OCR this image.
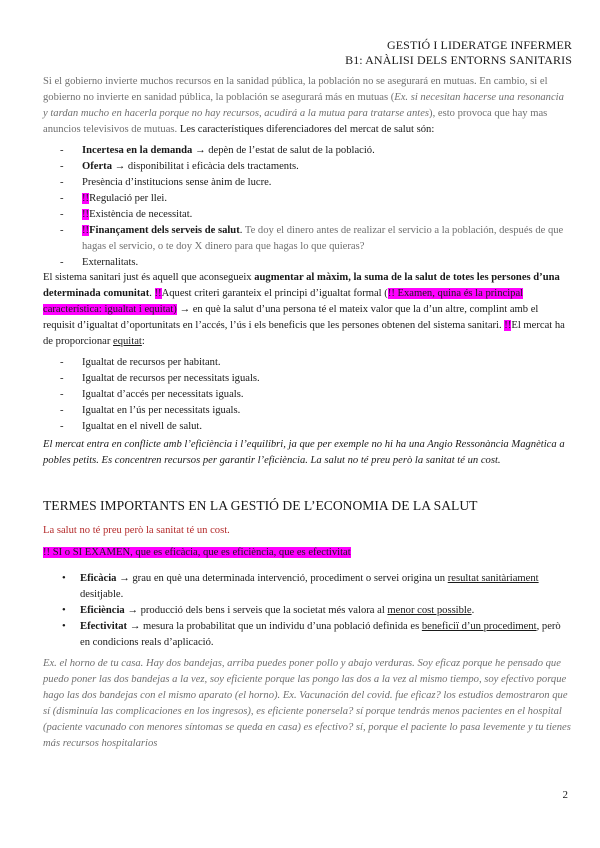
GESTIÓ I LIDERATGE INFERMER
B1: ANÀLISI DELS ENTORNS SANITARIS
Si el gobierno invierte muchos recursos en la sanidad pública, la población no se asegurará en mutuas. En cambio, si el gobierno no invierte en sanidad pública, la población se asegurará más en mutuas (Ex. si necesitan hacerse una resonancia y tardan mucho en hacerla porque no hay recursos, acudirá a la mutua para tratarse antes), esto provoca que hay mas anuncios televisivos de mutuas. Les característiques diferenciadores del mercat de salut són:
- Incertesa en la demanda → depèn de l’estat de salut de la població.
- Oferta → disponibilitat i eficàcia dels tractaments.
- Presència d’institucions sense ànim de lucre.
- !!Regulació per llei.
- !!Existència de necessitat.
- !!Finançament dels serveis de salut. Te doy el dinero antes de realizar el servicio a la población, después de que hagas el servicio, o te doy X dinero para que hagas lo que quieras?
- Externalitats.
El sistema sanitari just és aquell que aconsegueix augmentar al màxim, la suma de la salut de totes les persones d’una determinada comunitat. !!Aquest criteri garanteix el principi d’igualtat formal (!! Examen, quina és la principal característica: igualtat i equitat) → en què la salut d’una persona té el mateix valor que la d’un altre, complint amb el requisit d’igualtat d’oportunitats en l’accés, l’ús i els beneficis que les persones obtenen del sistema sanitari. !!El mercat ha de proporcionar equitat:
- Igualtat de recursos per habitant.
- Igualtat de recursos per necessitats iguals.
- Igualtat d’accés per necessitats iguals.
- Igualtat en l’ús per necessitats iguals.
- Igualtat en el nivell de salut.
El mercat entra en conflicte amb l’eficiència i l’equilibri, ja que per exemple no hi ha una Angio Ressonància Magnètica a pobles petits. Es concentren recursos per garantir l’eficiència. La salut no té preu però la sanitat té un cost.
TERMES IMPORTANTS EN LA GESTIÓ DE L’ECONOMIA DE LA SALUT
La salut no té preu però la sanitat té un cost.
!! SI o SI EXAMEN, que es eficàcia, que es eficiència, que es efectivitat
• Eficàcia → grau en què una determinada intervenció, procediment o servei origina un resultat sanitàriament desitjable.
• Eficiència → producció dels bens i serveis que la societat més valora al menor cost possible.
• Efectivitat → mesura la probabilitat que un individu d’una població definida es beneficiï d’un procediment, però en condicions reals d’aplicació.
Ex. el horno de tu casa. Hay dos bandejas, arriba puedes poner pollo y abajo verduras. Soy eficaz porque he pensado que puedo poner las dos bandejas a la vez, soy eficiente porque las pongo las dos a la vez al mismo tiempo, soy efectivo porque hago las dos bandejas con el mismo aparato (el horno). Ex. Vacunación del covid. fue eficaz? los estudios demostraron que sí (disminuía las complicaciones en los ingresos), es eficiente ponersela? sí porque tendrás menos pacientes en el hospital (paciente vacunado con menores síntomas se queda en casa) es efectivo? sí, porque el paciente lo pasa levemente y tu tienes más recursos hospitalarios
2
